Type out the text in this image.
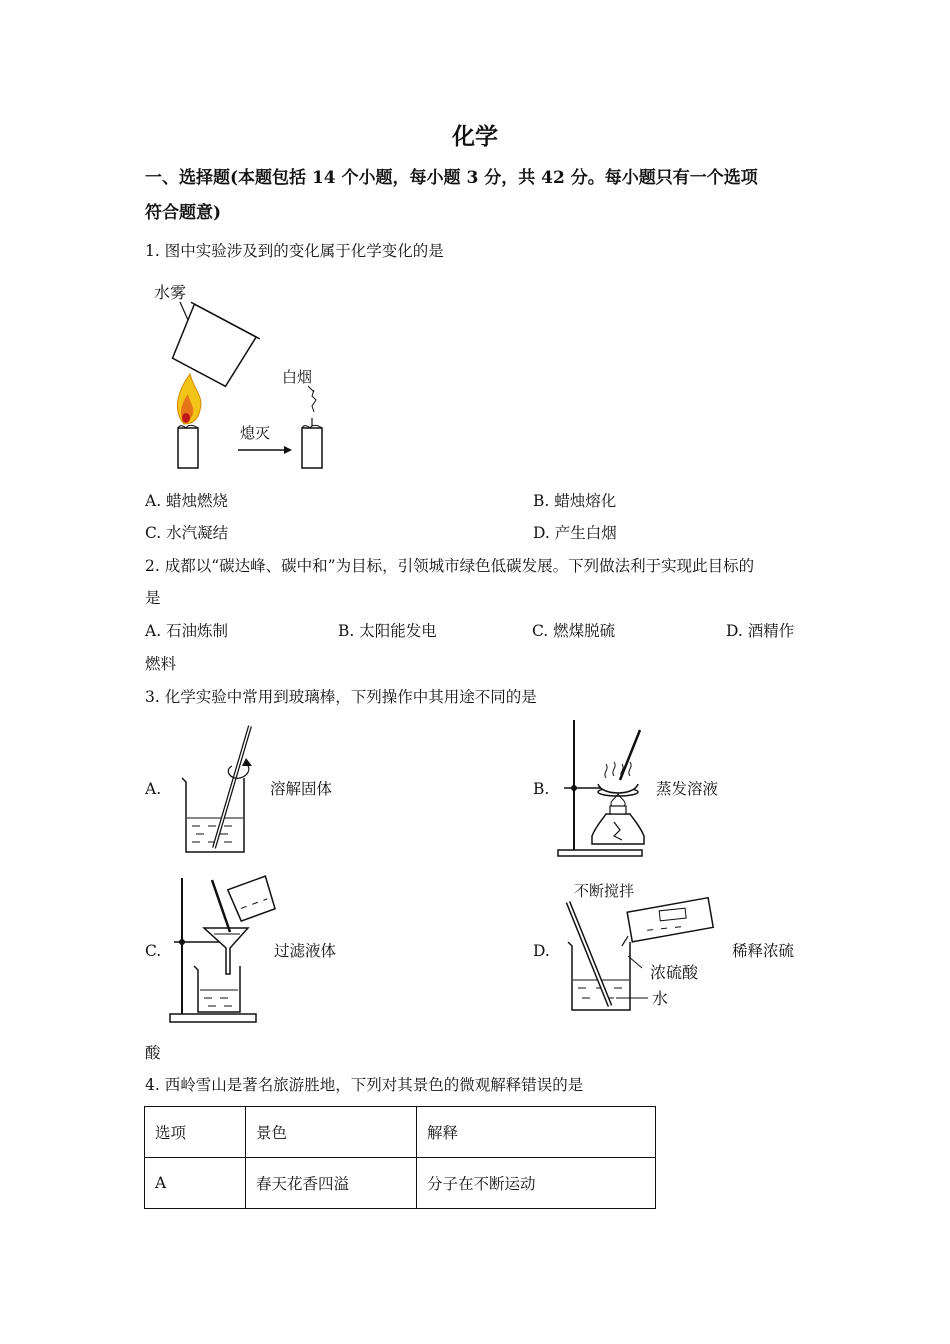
化学
一、选择题(本题包括 14 个小题，每小题 3 分，共 42 分。每小题只有一个选项
符合题意)
1. 图中实验涉及到的变化属于化学变化的是
水雾
熄灭
白烟
A. 蜡烛燃烧	B. 蜡烛熔化
C. 水汽凝结	D. 产生白烟
2. 成都以“碳达峰、碳中和”为目标，引领城市绿色低碳发展。下列做法利于实现此目标的
是
A. 石油炼制	B. 太阳能发电	C. 燃煤脱硫	D. 酒精作
燃料
3. 化学实验中常用到玻璃棒，下列操作中其用途不同的是
A.	溶解固体	B.	蒸发溶液
C.	过滤液体	D.
不断搅拌
浓硫酸
水
稀释浓硫
酸
4. 西岭雪山是著名旅游胜地，下列对其景色的微观解释错误的是
选项	景色	解释
A	春天花香四溢	分子在不断运动
